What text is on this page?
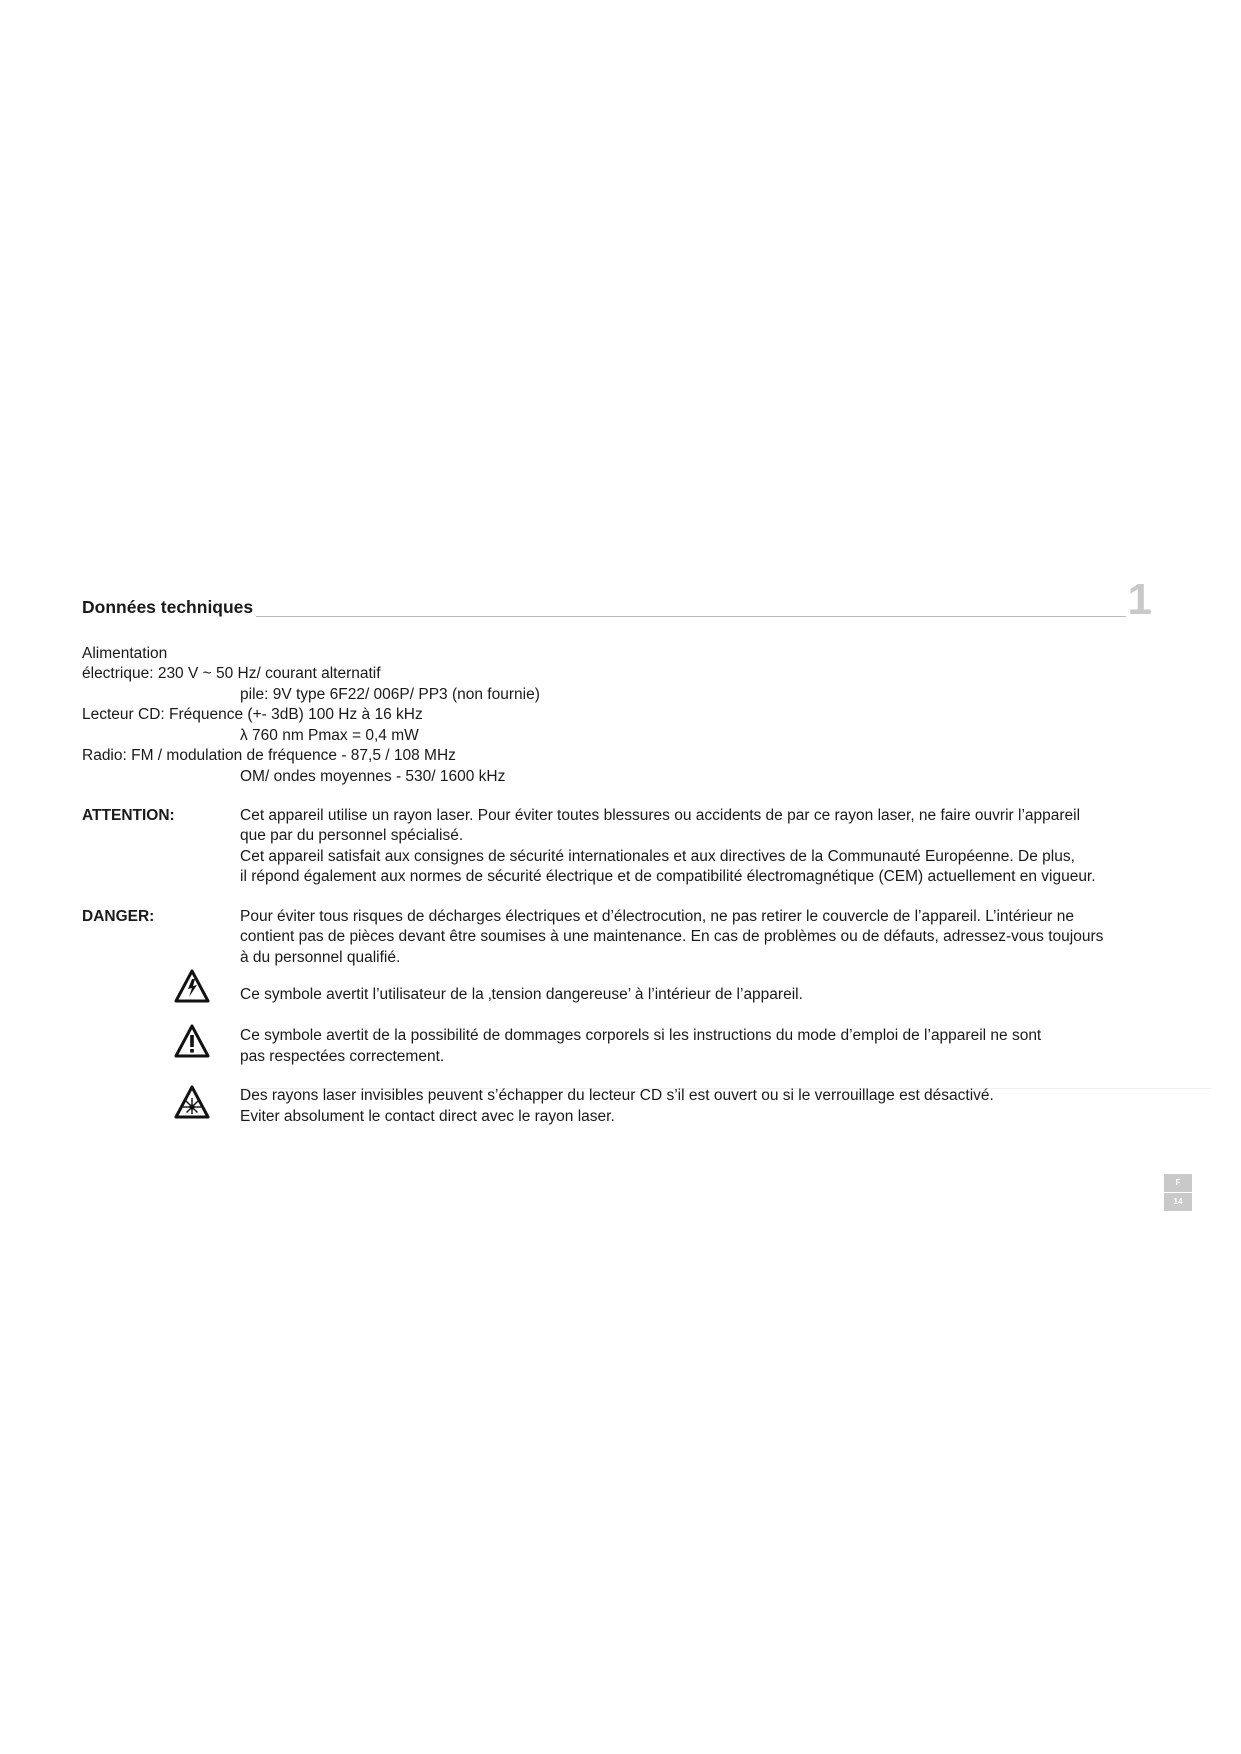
Données techniques	1
Alimentation
électrique: 230 V ~ 50 Hz/ courant alternatif
pile: 9V type 6F22/ 006P/ PP3 (non fournie)
Lecteur CD: Fréquence (+- 3dB) 100 Hz à 16 kHz
λ 760 nm Pmax = 0,4 mW
Radio: FM / modulation de fréquence - 87,5 / 108 MHz
OM/ ondes moyennes - 530/ 1600 kHz
ATTENTION:	Cet appareil utilise un rayon laser. Pour éviter toutes blessures ou accidents de par ce rayon laser, ne faire ouvrir l’appareil
que par du personnel spécialisé.
Cet appareil satisfait aux consignes de sécurité internationales et aux directives de la Communauté Européenne. De plus,
il répond également aux normes de sécurité électrique et de compatibilité électromagnétique (CEM) actuellement en vigueur.
DANGER:	Pour éviter tous risques de décharges électriques et d’électrocution, ne pas retirer le couvercle de l’appareil. L’intérieur ne
contient pas de pièces devant être soumises à une maintenance. En cas de problèmes ou de défauts, adressez-vous toujours
à du personnel qualifié.
Ce symbole avertit l’utilisateur de la ‚tension dangereuse’ à l’intérieur de l’appareil.
Ce symbole avertit de la possibilité de dommages corporels si les instructions du mode d’emploi de l’appareil ne sont
pas respectées correctement.
Des rayons laser invisibles peuvent s’échapper du lecteur CD s’il est ouvert ou si le verrouillage est désactivé.
Eviter absolument le contact direct avec le rayon laser.
F
14
